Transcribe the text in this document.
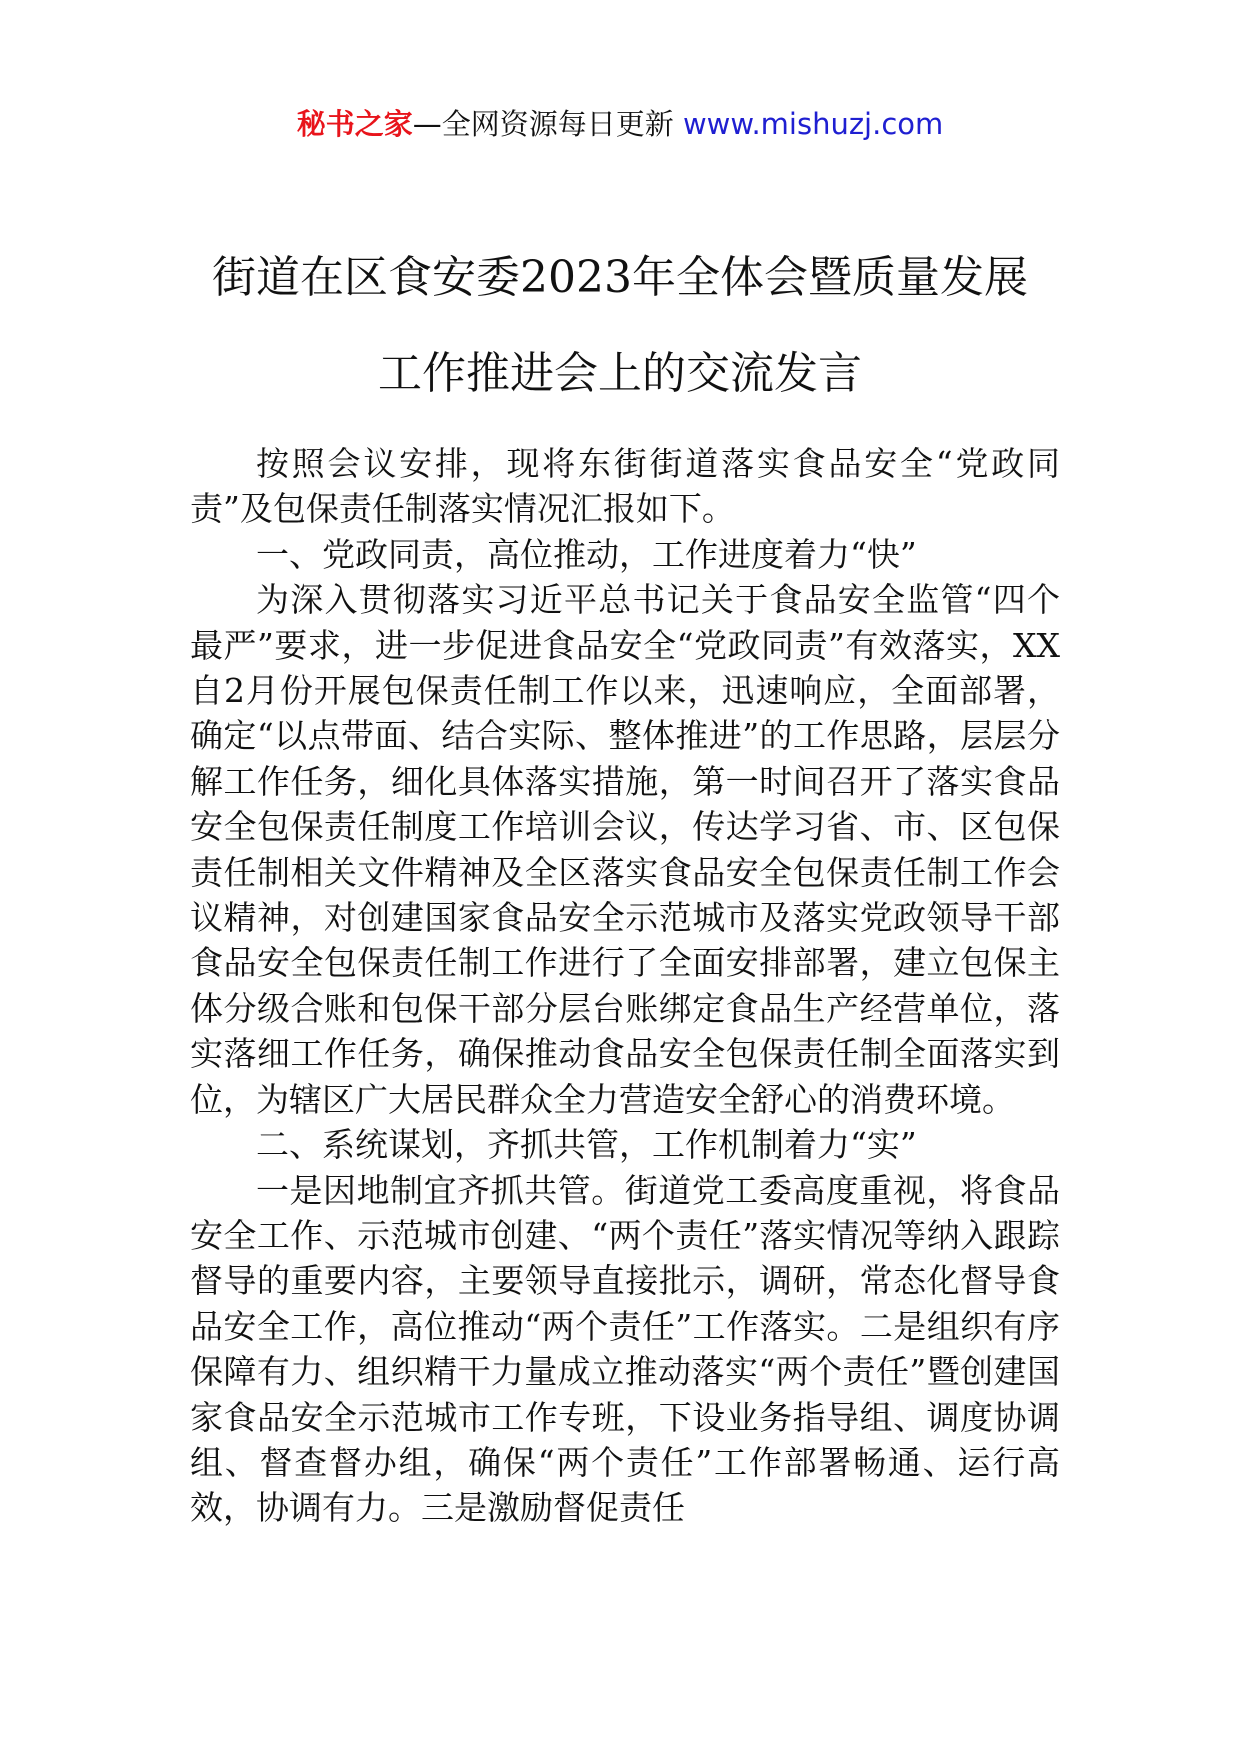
秘书之家—全网资源每日更新 www.mishuzj.com
街道在区食安委2023年全体会暨质量发展
工作推进会上的交流发言

按照会议安排，现将东街街道落实食品安全“党政同责”及包保责任制落实情况汇报如下。

一、党政同责，高位推动，工作进度着力“快”

为深入贯彻落实习近平总书记关于食品安全监管“四个最严”要求，进一步促进食品安全“党政同责”有效落实，XX自2月份开展包保责任制工作以来，迅速响应，全面部署，确定“以点带面、结合实际、整体推进”的工作思路，层层分解工作任务，细化具体落实措施，第一时间召开了落实食品安全包保责任制度工作培训会议，传达学习省、市、区包保责任制相关文件精神及全区落实食品安全包保责任制工作会议精神，对创建国家食品安全示范城市及落实党政领导干部食品安全包保责任制工作进行了全面安排部署，建立包保主体分级合账和包保干部分层台账绑定食品生产经营单位，落实落细工作任务，确保推动食品安全包保责任制全面落实到位，为辖区广大居民群众全力营造安全舒心的消费环境。

二、系统谋划，齐抓共管，工作机制着力“实”

一是因地制宜齐抓共管。街道党工委高度重视，将食品安全工作、示范城市创建、“两个责任”落实情况等纳入跟踪督导的重要内容，主要领导直接批示，调研，常态化督导食品安全工作，高位推动“两个责任”工作落实。二是组织有序保障有力、组织精干力量成立推动落实“两个责任”暨创建国家食品安全示范城市工作专班，下设业务指导组、调度协调组、督查督办组，确保“两个责任”工作部署畅通、运行高效，协调有力。三是激励督促责任
